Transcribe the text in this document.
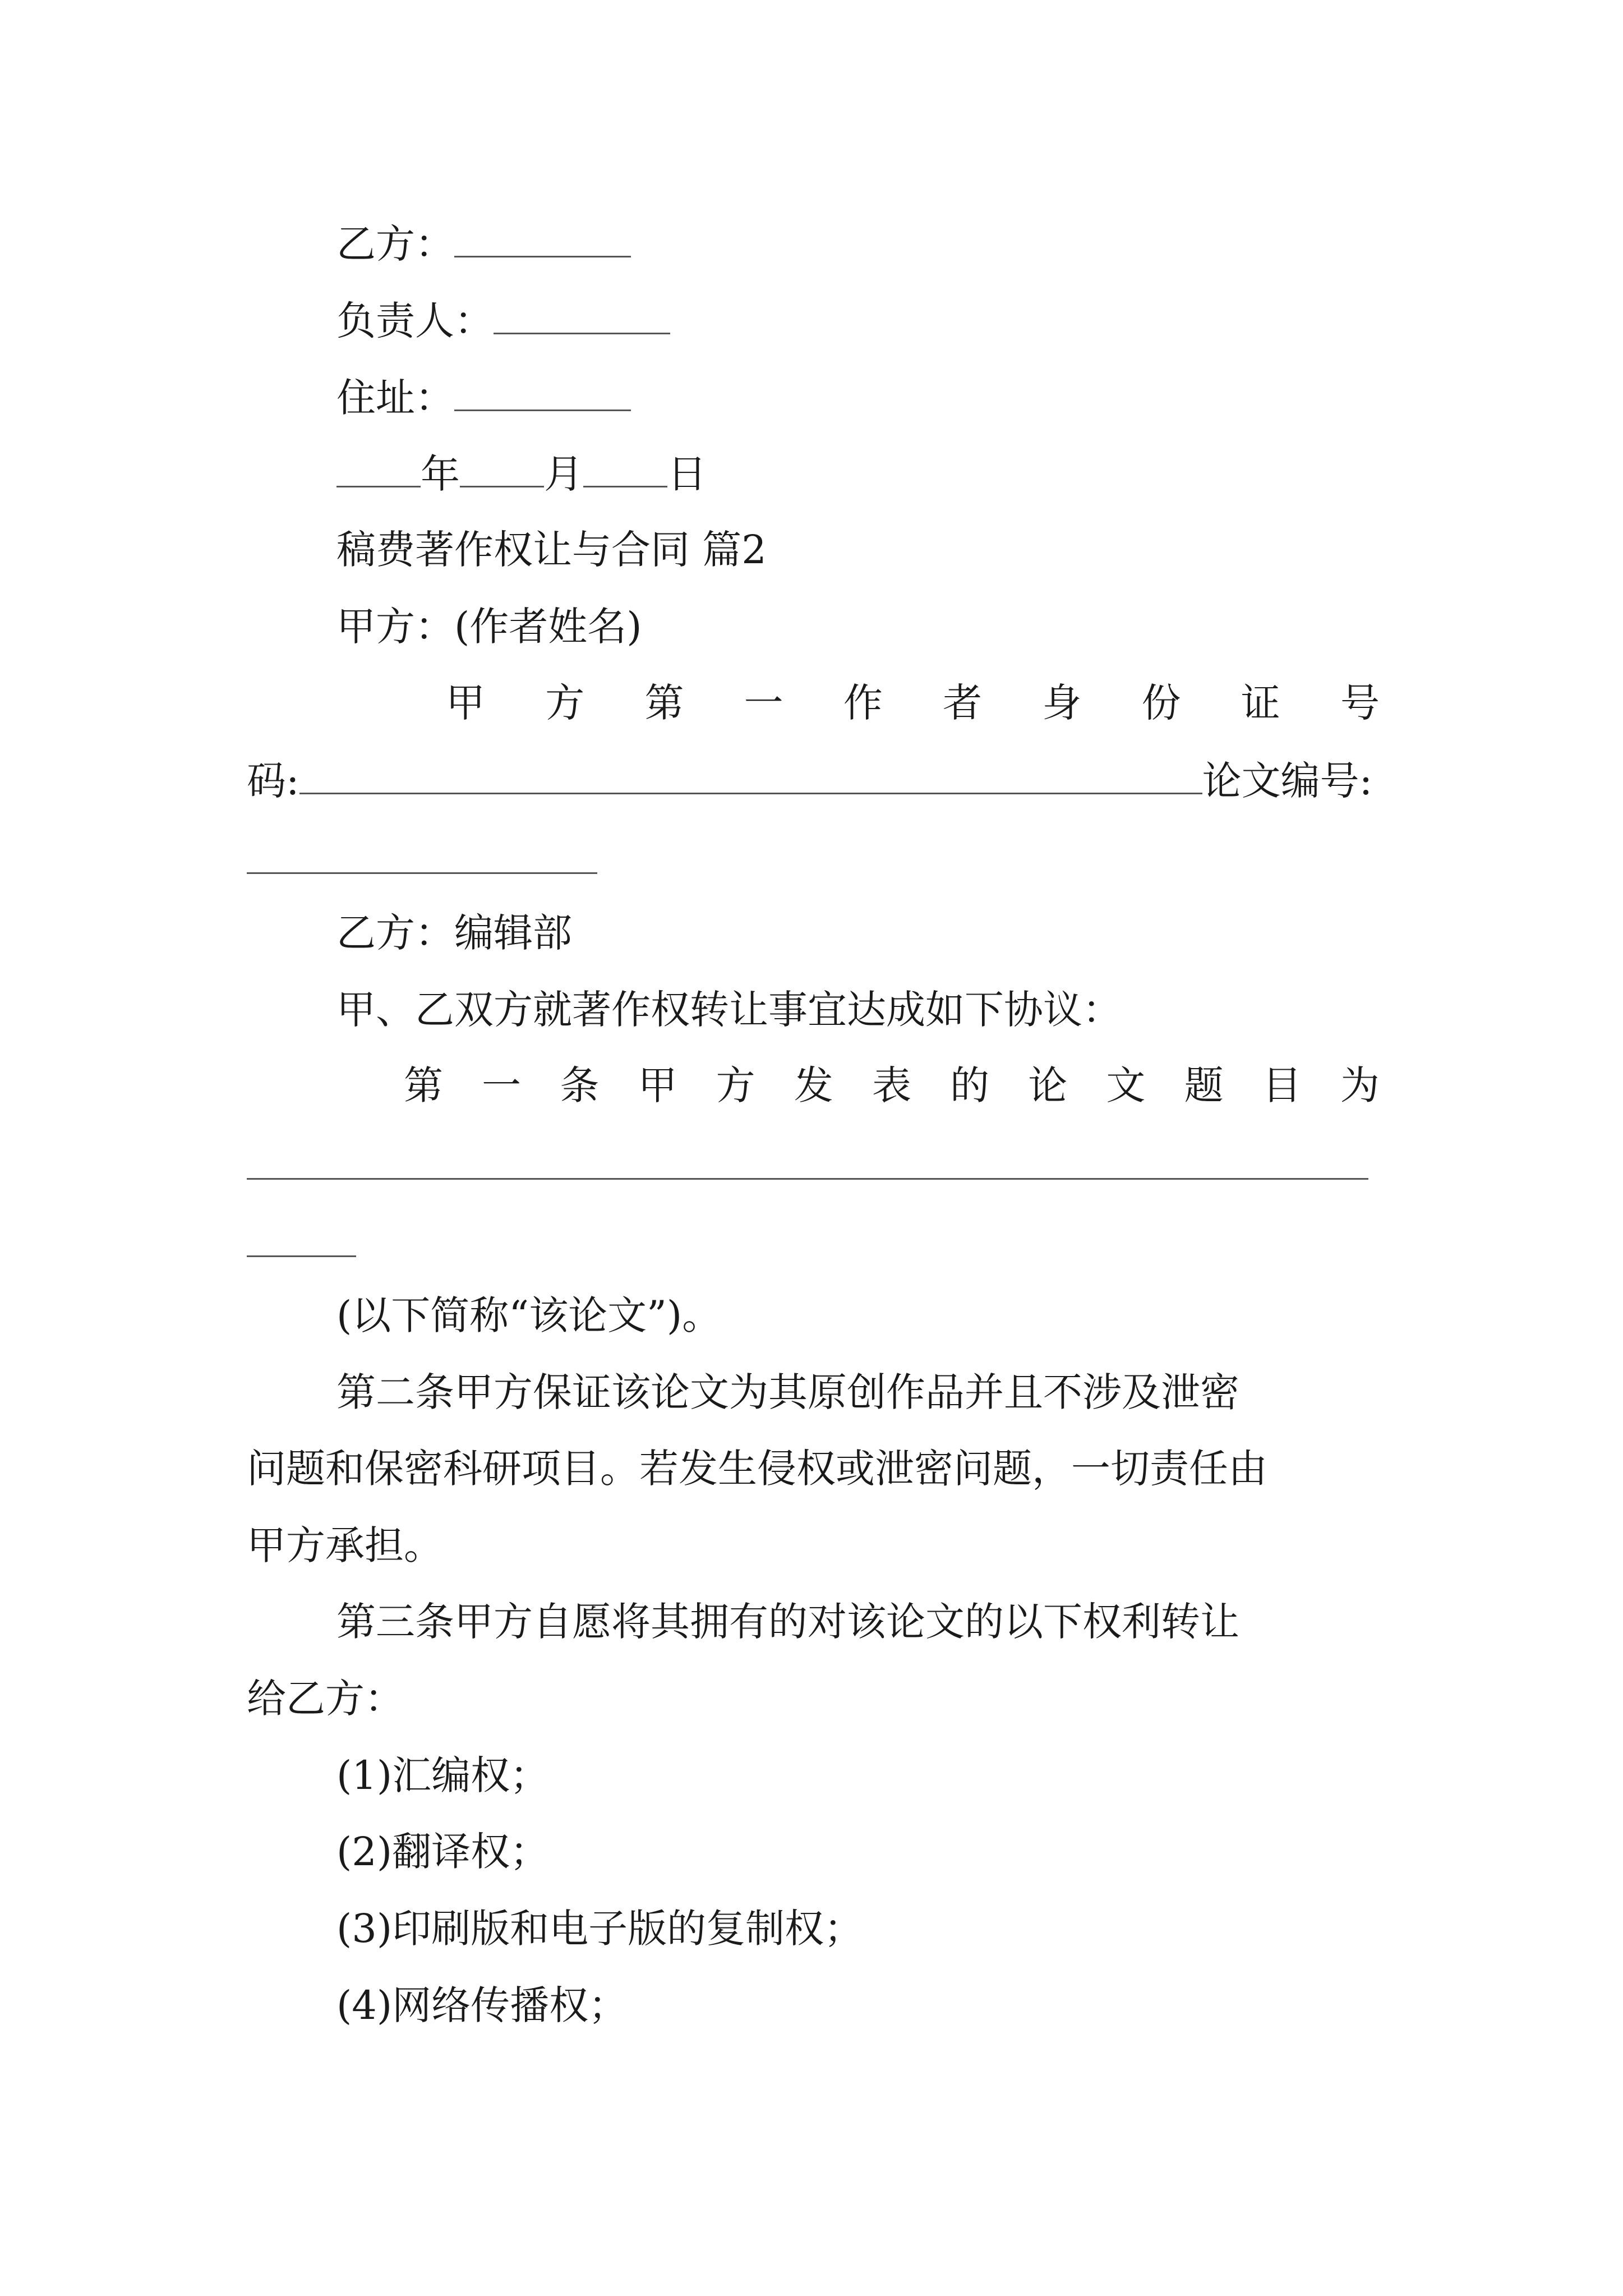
乙方：
负责人：
住址：
年 月 日
稿费著作权让与合同 篇2
甲方：(作者姓名)
甲 方 第 一 作 者 身 份 证 号
码:	论文编号:
乙方：编辑部
甲、乙双方就著作权转让事宜达成如下协议：
第 一 条 甲 方 发 表 的 论 文 题 目 为
(以下简称“该论文”)。
第二条甲方保证该论文为其原创作品并且不涉及泄密
问题和保密科研项目。若发生侵权或泄密问题，一切责任由
甲方承担。
第三条甲方自愿将其拥有的对该论文的以下权利转让
给乙方：
(1)汇编权；
(2)翻译权；
(3)印刷版和电子版的复制权；
(4)网络传播权；
